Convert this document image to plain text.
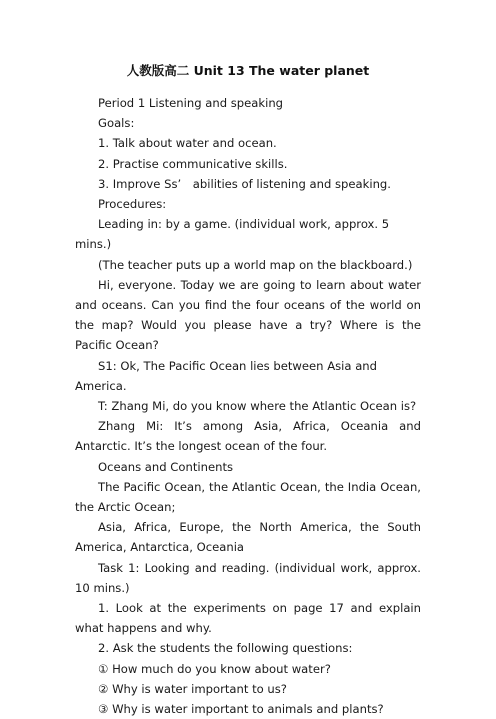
人教版高二 Unit 13 The water planet

Period 1 Listening and speaking

Goals:

1. Talk about water and ocean.

2. Practise communicative skills.

3. Improve Ss’　abilities of listening and speaking.

Procedures:

Leading in: by a game. (individual work, approx. 5 mins.)

(The teacher puts up a world map on the blackboard.)

Hi, everyone. Today we are going to learn about water and oceans. Can you find the four oceans of the world on the map? Would you please have a try? Where is the Pacific Ocean?

S1: Ok, The Pacific Ocean lies between Asia and America.

T: Zhang Mi, do you know where the Atlantic Ocean is?

Zhang Mi: It’s among Asia, Africa, Oceania and Antarctic. It’s the longest ocean of the four.

Oceans and Continents

The Pacific Ocean, the Atlantic Ocean, the India Ocean, the Arctic Ocean;

Asia, Africa, Europe, the North America, the South America, Antarctica, Oceania

Task 1: Looking and reading. (individual work, approx. 10 mins.)

1. Look at the experiments on page 17 and explain what happens and why.

2. Ask the students the following questions:

① How much do you know about water?

② Why is water important to us?

③ Why is water important to animals and plants?
